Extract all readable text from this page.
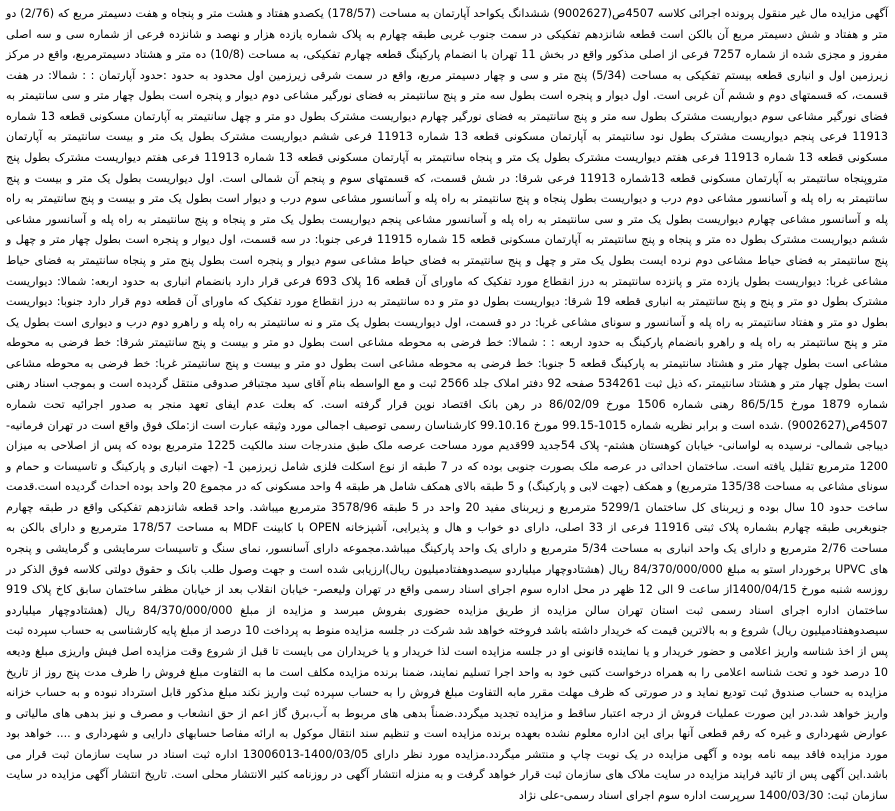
آگهی مزایده مال غیر منقول پرونده اجرائی کلاسه 4507ص(9002627) ششدانگ یکواحد آپارتمان به مساحت (178/57) یکصدو هفتاد و هشت متر و پنجاه و هفت دسیمتر مربع که (2/76) دو متر و هفتاد و شش دسیمتر مربع آن بالکن است قطعه شانزدهم تفکیکی در سمت جنوب غربی طبقه چهارم به پلاک شماره یازده هزار و نهصد و شانزده فرعی از شماره سی و سه اصلی مفروز و مجزی شده از شماره 7257 فرعی از اصلی مذکور واقع در بخش 11 تهران با انضمام پارکینگ قطعه چهارم تفکیکی، به مساحت (10/8) ده متر و هشتاد دسیمترمربع، واقع در مرکز زیرزمین اول و انباری قطعه بیستم تفکیکی به مساحت (5/34) پنج متر و سی و چهار دسیمتر مربع، واقع در سمت شرقی زیرزمین اول محدود به حدود :حدود آپارتمان : : شمالا: در هفت قسمت، که قسمتهای دوم و ششم آن غربی است. اول دیوار و پنجره است بطول سه متر و پنج سانتیمتر به فضای نورگیر مشاعی دوم دیوار و پنجره است بطول چهار متر و سی سانتیمتر به فضای نورگیر مشاعی سوم دیواریست مشترک بطول سه متر و پنج سانتیمتر به فضای نورگیر چهارم دیواریست مشترک بطول دو متر و چهل سانتیمتر به آپارتمان مسکونی قطعه 13 شماره 11913 فرعی پنجم دیواریست مشترک بطول نود سانتیمتر به آپارتمان مسکونی قطعه 13 شماره 11913 فرعی ششم دیواریست مشترک بطول یک متر و بیست سانتیمتر به آپارتمان مسکونی قطعه 13 شماره 11913 فرعی هفتم دیواریست مشترک بطول یک متر و پنجاه سانتیمتر به آپارتمان مسکونی قطعه 13 شماره 11913 فرعی هفتم دیواریست مشترک بطول پنج متروپنجاه سانتیمتر به آپارتمان مسکونی قطعه 13شماره 11913 فرعی شرقا: در شش قسمت، که قسمتهای سوم و پنجم آن شمالی است. اول دیواریست بطول یک متر و بیست و پنج سانتیمتر به راه پله و آسانسور مشاعی دوم درب و دیواریست بطول پنجاه و پنج سانتیمتر به راه پله و آسانسور مشاعی سوم درب و دیوار است بطول یک متر و بیست و پنج سانتیمتر به راه پله و آسانسور مشاعی چهارم دیواریست بطول یک متر و سی سانتیمتر به راه پله و آسانسور مشاعی پنجم دیواریست بطول یک متر و پنجاه و پنج سانتیمتر به راه پله و آسانسور مشاعی ششم دیواریست مشترک بطول ده متر و پنجاه و پنج سانتیمتر به آپارتمان مسکونی قطعه 15 شماره 11915 فرعی جنوبا: در سه قسمت، اول دیوار و پنجره است بطول چهار متر و چهل و پنج سانتیمتر به فضای حیاط مشاعی دوم نرده ایست بطول یک متر و چهل و پنج سانتیمتر به فضای حیاط مشاعی سوم دیوار و پنجره است بطول پنج متر و پنجاه سانتیمتر به فضای حیاط مشاعی غربا: دیواریست بطول یازده متر و پانزده سانتیمتر به درز انقطاع مورد تفکیک که ماورای آن قطعه 16 پلاک 693 فرعی قرار دارد بانضمام انباری به حدود اربعه: شمالا: دیواریست مشترک بطول دو متر و پنج و پنج سانتیمتر به انباری قطعه 19 شرقا: دیواریست بطول دو متر و ده سانتیمتر به درز انقطاع مورد تفکیک که ماورای آن قطعه دوم قرار دارد جنوبا: دیواریست بطول دو متر و هفتاد سانتیمتر به راه پله و آسانسور و سونای مشاعی غربا: در دو قسمت، اول دیواریست بطول یک متر و نه سانتیمتر به راه پله و راهرو دوم درب و دیواری است بطول یک متر و پنج سانتیمتر به راه پله و راهرو بانضمام پارکینگ به حدود اربعه : : شمالا: خط فرضی به محوطه مشاعی است بطول دو متر و بیست و پنج سانتیمتر شرقا: خط فرضی به محوطه مشاعی است بطول چهار متر و هشتاد سانتیمتر به پارکینگ قطعه 5 جنوبا: خط فرضی به محوطه مشاعی است بطول دو متر و بیست و پنج سانتیمتر غربا: خط فرضی به محوطه مشاعی است بطول چهار متر و هشتاد سانتیمتر ،که ذیل ثبت 534261 صفحه 92 دفتر املاک جلد 2566 ثبت و مع الواسطه بنام آقای سید مجتبافر صدوقی منتقل گردیده است و بموجب اسناد رهنی شماره 1879 مورخ 86/5/15 رهنی شماره 1506 مورخ 86/02/09 در رهن بانک اقتصاد نوین قرار گرفته است. که بعلت عدم ایفای تعهد منجر به صدور اجرائیه تحت شماره 4507ص(9002627) .شده است و برابر نظریه شماره 1015-99.15 مورخ 99.10.16 کارشناسان رسمی توصیف اجمالی مورد وثیقه عبارت است از:ملک فوق واقع است در تهران فرمانیه- دیباجی شمالی- نرسیده به لواسانی- خیابان کوهستان هشتم- پلاک 54جدید 99قدیم مورد مساحت عرصه ملک طبق مندرجات سند مالکیت 1225 مترمربع بوده که پس از اصلاحی به میزان 1200 مترمربع تقلیل یافته است. ساختمان احداثی در عرصه ملک بصورت جنوبی بوده که در 7 طبقه از نوع اسکلت فلزی شامل زیرزمین 1- (جهت انباری و پارکینگ و تاسیسات و حمام و سونای مشاعی به مساحت 135/38 مترمربع) و همکف (جهت لابی و پارکینگ) و 5 طبقه بالای همکف شامل هر طبقه 4 واحد مسکونی که در مجموع 20 واحد بوده احداث گردیده است.قدمت ساخت حدود 10 سال بوده و زیربنای کل ساختمان 5299/1 مترمربع و زیربنای مفید 20 واحد در 5 طبقه 3578/96 مترمربع میباشد. واحد قطعه شانزدهم تفکیکی واقع در طبقه چهارم جنوبغربی طبقه چهارم بشماره پلاک ثبتی 11916 فرعی از 33 اصلی، دارای دو خواب و هال و پذیرایی، آشپزخانه OPEN با کابینت MDF به مساحت 178/57 مترمربع و دارای بالکن به مساحت 2/76 مترمربع و دارای یک واحد انباری به مساحت 5/34 مترمربع و دارای یک واحد پارکینگ میباشد.مجموعه دارای آسانسور، نمای سنگ و تاسیسات سرمایشی و گرمایشی و پنجره های UPVC برخوردار استو به مبلغ 84/370/000/000 ریال (هشتادوچهار میلیاردو سیصدوهفتادمیلیون ریال)ارزیابی شده است و جهت وصول طلب بانک و حقوق دولتی کلاسه فوق الذکر در روزسه شنبه مورخ 1400/04/15از ساعت 9 الی 12 ظهر در محل اداره سوم اجرای اسناد رسمی واقع در تهران ولیعصر- خیابان انقلاب بعد از خیابان مظفر ساختمان سابق کاخ پلاک 919 ساختمان اداره اجرای اسناد رسمی ثبت استان تهران سالن مزایده از طریق مزایده حضوری بفروش میرسد و مزایده از مبلغ 84/370/000/000 ریال (هشتادوچهار میلیاردو سیصدوهفتادمیلیون ریال) شروع و به بالاترین قیمت که خریدار داشته باشد فروخته خواهد شد شرکت در جلسه مزایده منوط به پرداخت 10 درصد از مبلغ پایه کارشناسی به حساب سپرده ثبت پس از اخذ شناسه واریز اعلامی و حضور خریدار و یا نماینده قانونی او در جلسه مزایده است لذا خریدار و یا خریداران می بایست تا قبل از شروع وقت مزایده اصل فیش واریزی مبلغ ودیعه 10 درصد خود و تحت شناسه اعلامی را به همراه درخواست کتبی خود به واحد اجرا تسلیم نمایند، ضمنا برنده مزایده مکلف است ما به التفاوت مبلغ فروش را ظرف مدت پنج روز از تاریخ مزایده به حساب صندوق ثبت تودیع نماید و در صورتی که ظرف مهلت مقرر مابه التفاوت مبلغ فروش را به حساب سپرده ثبت واریز نکند مبلغ مذکور قابل استرداد نبوده و به حساب خزانه واریز خواهد شد.در این صورت عملیات فروش از درجه اعتبار ساقط و مزایده تجدید میگردد.ضمناً بدهی های مربوط به آب،برق گاز اعم از حق انشعاب و مصرف و نیز بدهی های مالیاتی و عوارض شهرداری و غیره که رقم قطعی آنها برای این اداره معلوم نشده بعهده برنده مزایده است و تنظیم سند انتقال موکول به ارائه مفاصا حسابهای دارایی و شهرداری و .... خواهد بود مورد مزایده فاقد بیمه نامه بوده و آگهی مزایده در یک نوبت چاپ و منتشر میگردد.مزایده مورد نظر دارای 1400/03/05-13006013 اداره ثبت اسناد در سایت سازمان ثبت قرار می باشد.این آگهی پس از تائید فرایند مزایده در سایت ملاک های سازمان ثبت قرار خواهد گرفت و به منزله انتشار آگهی در روزنامه کثیر الانتشار محلی است. تاریخ انتشار آگهی مزایده در سایت سازمان ثبت: 1400/03/30 سرپرست اداره سوم اجرای اسناد رسمی-علی نژاد
